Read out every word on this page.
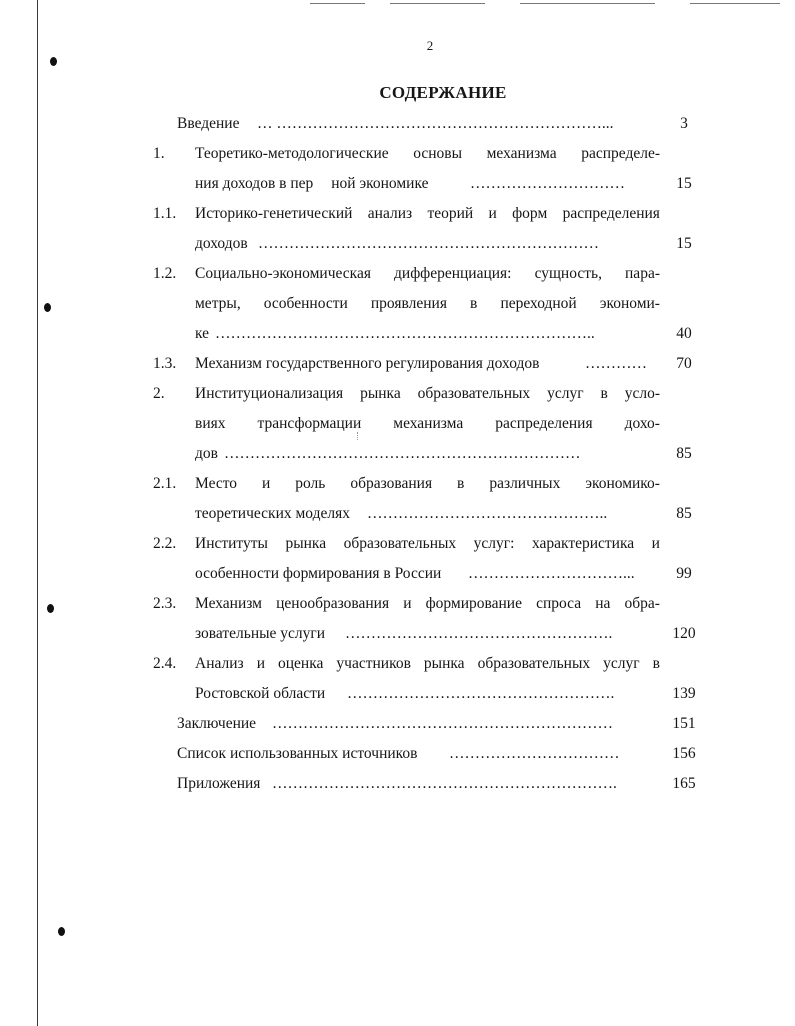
2
СОДЕРЖАНИЕ
Введение … ………………………………………………………...	3
1. Теоретико-методологические основы механизма распределе-
ния доходов в пер ной экономике	…………………………	15
1.1. Историко-генетический анализ теорий и форм распределения
доходов …………………………………………………………	15
1.2. Социально-экономическая дифференциация: сущность, пара-
метры, особенности проявления в переходной экономи-
ке ………………………………………………………………..	40
1.3. Механизм государственного регулирования доходов	…………	70
2. Институционализация рынка образовательных услуг в усло-
виях трансформации механизма распределения дохо-
дов ……………………………………………………………	85
2.1. Место и роль образования в различных экономико-
теоретических моделях ………………………………………..	85
2.2. Институты рынка образовательных услуг: характеристика и
особенности формирования в России …………………………...	99
2.3. Механизм ценообразования и формирование спроса на обра-
зовательные услуги …………………………………………….	120
2.4. Анализ и оценка участников рынка образовательных услуг в
Ростовской области …………………………………………….	139
Заключение …………………………………………………………	151
Список использованных источников ……………………………	156
Приложения ………………………………………………………….	165
